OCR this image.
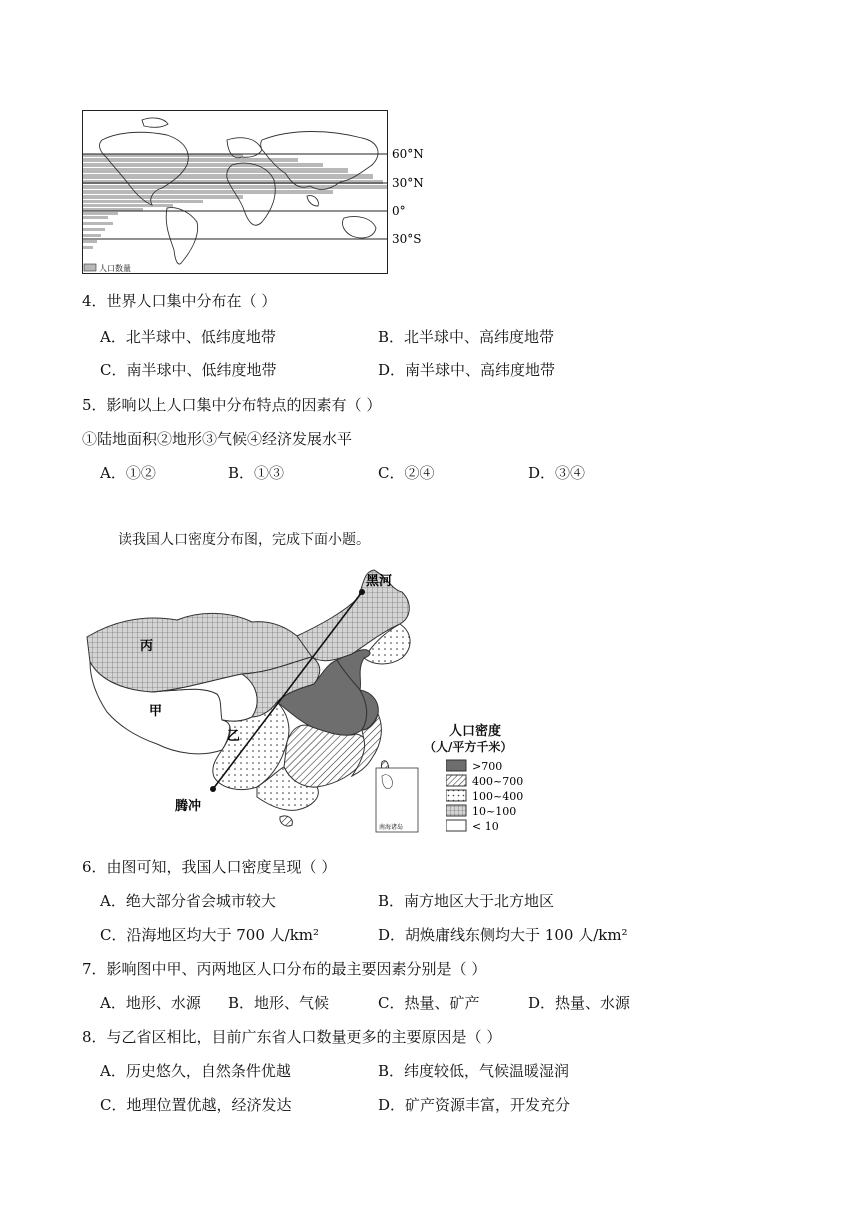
人口数量
60°N
30°N
0°
30°S
4．世界人口集中分布在（ ）
A．北半球中、低纬度地带	B．北半球中、高纬度地带
C．南半球中、低纬度地带	D．南半球中、高纬度地带
5．影响以上人口集中分布特点的因素有（ ）
①陆地面积②地形③气候④经济发展水平
A．①②	B．①③	C．②④	D．③④
读我国人口密度分布图，完成下面小题。
黑河
腾冲
丙
甲
乙
南海诸岛
人口密度
（人/平方千米）
>700
400~700
100~400
10~100
< 10
6．由图可知，我国人口密度呈现（ ）
A．绝大部分省会城市较大	B．南方地区大于北方地区
C．沿海地区均大于 700 人/km²	D．胡焕庸线东侧均大于 100 人/km²
7．影响图中甲、丙两地区人口分布的最主要因素分别是（ ）
A．地形、水源 B．地形、气候	C．热量、矿产	D．热量、水源
8．与乙省区相比，目前广东省人口数量更多的主要原因是（ ）
A．历史悠久，自然条件优越	B．纬度较低，气候温暖湿润
C．地理位置优越，经济发达	D．矿产资源丰富，开发充分
